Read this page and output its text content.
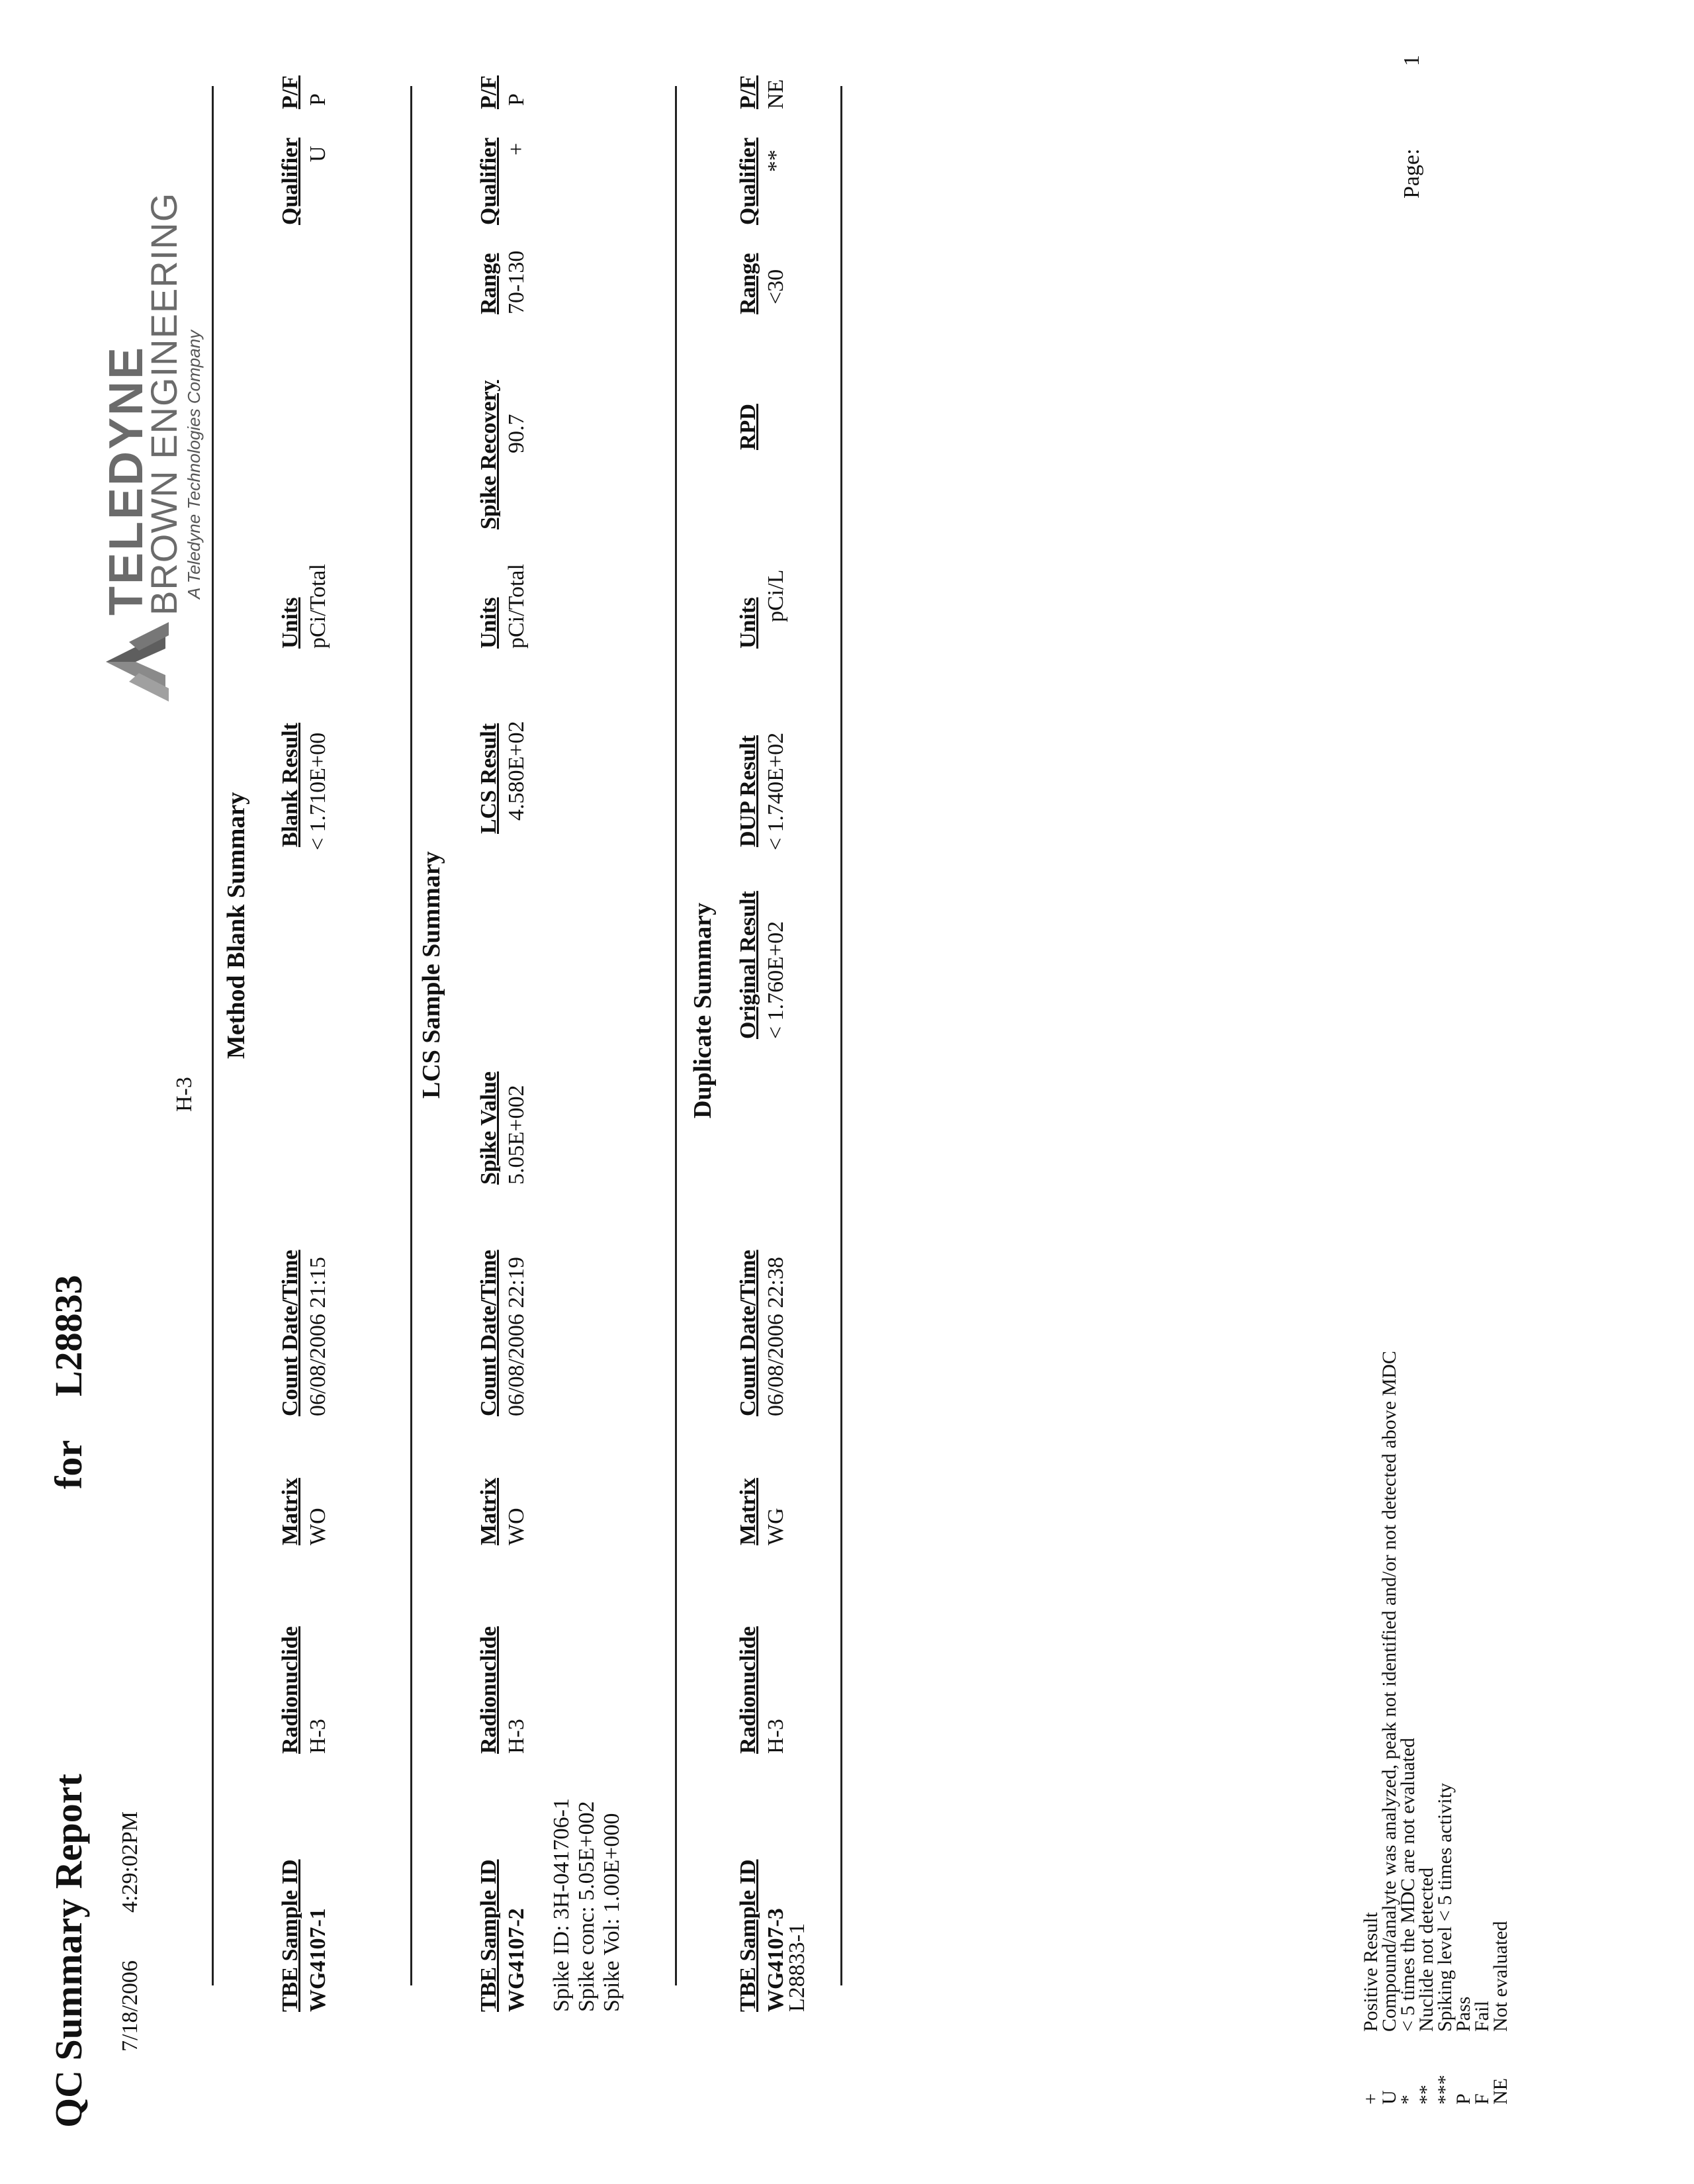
QC Summary Report
for
L28833
7/18/2006
4:29:02PM
H-3
TELEDYNE
BROWN ENGINEERING A Teledyne Technologies Company
Method Blank Summary
TBE Sample ID
Radionuclide
Matrix
Count Date/Time
Blank Result
Units
Qualifier
P/F
WG4107-1
H-3
WO
06/08/2006 21:15
< 1.710E+00
pCi/Total
U
P
LCS Sample Summary
TBE Sample ID
Radionuclide
Matrix
Count Date/Time
Spike Value
LCS Result
Units
Spike Recovery
Range
Qualifier
P/F
WG4107-2
H-3
WO
06/08/2006 22:19
5.05E+002
4.580E+02
pCi/Total
90.7
70-130
+
P
Spike ID: 3H-041706-1 Spike conc: 5.05E+002 Spike Vol: 1.00E+000
Duplicate Summary
TBE Sample ID
Radionuclide
Matrix
Count Date/Time
Original Result
DUP Result
Units
RPD
Range
Qualifier
P/F
WG4107-3
L28833-1
H-3
WG
06/08/2006 22:38
< 1.760E+02
< 1.740E+02
pCi/L
<30
**
NE
+
Positive Result
U
Compound/analyte was analyzed, peak not identified and/or not detected above MDC
*
< 5 times the MDC are not evaluated
**
Nuclide not detected
***
Spiking level < 5 times activity
P
Pass
F
Fail
NE
Not evaluated
Page:
1
